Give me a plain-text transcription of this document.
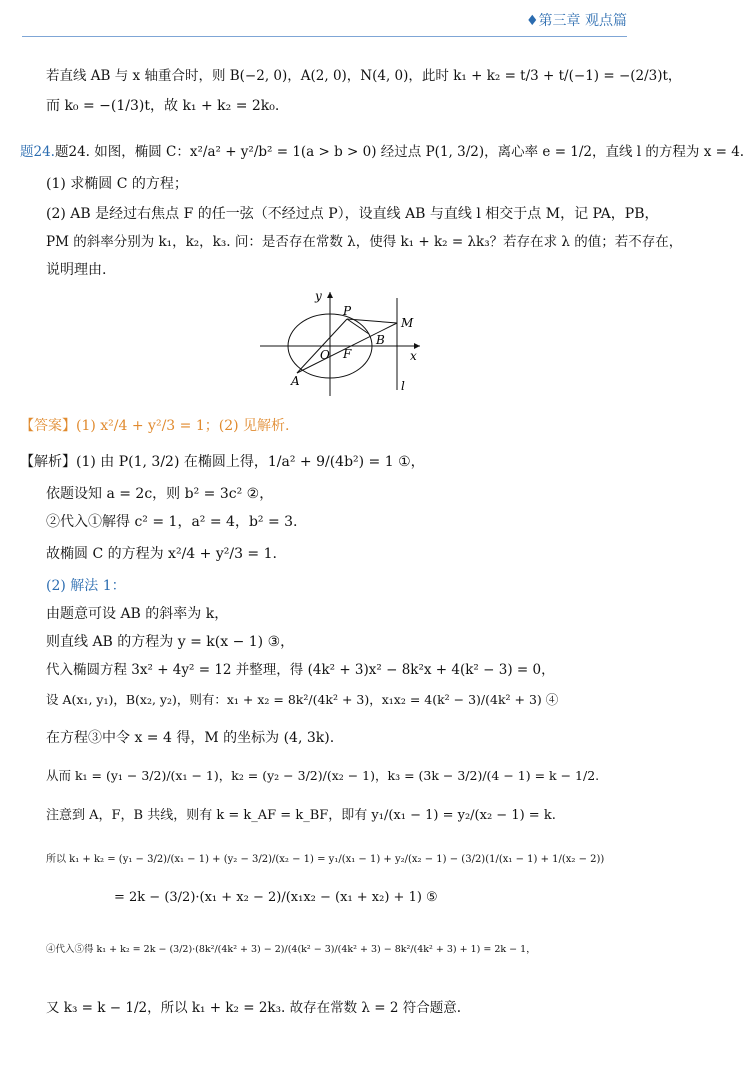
♦第三章 观点篇
若直线 AB 与 x 轴重合时，则 B(−2, 0)，A(2, 0)，N(4, 0)，此时 k₁ + k₂ = t/3 + t/(−1) = −(2/3)t，
而 k₀ = −(1/3)t，故 k₁ + k₂ = 2k₀.
题24.题24. 如图，椭圆 C：x²/a² + y²/b² = 1(a > b > 0) 经过点 P(1, 3/2)，离心率 e = 1/2，直线 l 的方程为 x = 4.
(1) 求椭圆 C 的方程；
(2) AB 是经过右焦点 F 的任一弦（不经过点 P），设直线 AB 与直线 l 相交于点 M，记 PA，PB，
PM 的斜率分别为 k₁，k₂，k₃. 问：是否存在常数 λ，使得 k₁ + k₂ = λk₃？若存在求 λ 的值；若不存在，
说明理由.
y
x
P
M
B
O F
A	l
【答案】(1) x²/4 + y²/3 = 1；(2) 见解析.
【解析】(1) 由 P(1, 3/2) 在椭圆上得，1/a² + 9/(4b²) = 1 ①，
依题设知 a = 2c，则 b² = 3c² ②，
②代入①解得 c² = 1，a² = 4，b² = 3.
故椭圆 C 的方程为 x²/4 + y²/3 = 1.
(2) 解法 1：
由题意可设 AB 的斜率为 k，
则直线 AB 的方程为 y = k(x − 1) ③，
代入椭圆方程 3x² + 4y² = 12 并整理，得 (4k² + 3)x² − 8k²x + 4(k² − 3) = 0，
设 A(x₁, y₁)，B(x₂, y₂)，则有：x₁ + x₂ = 8k²/(4k² + 3)，x₁x₂ = 4(k² − 3)/(4k² + 3) ④
在方程③中令 x = 4 得，M 的坐标为 (4, 3k).
从而 k₁ = (y₁ − 3/2)/(x₁ − 1)，k₂ = (y₂ − 3/2)/(x₂ − 1)，k₃ = (3k − 3/2)/(4 − 1) = k − 1/2.
注意到 A，F，B 共线，则有 k = k_AF = k_BF，即有 y₁/(x₁ − 1) = y₂/(x₂ − 1) = k.
所以 k₁ + k₂ = (y₁ − 3/2)/(x₁ − 1) + (y₂ − 3/2)/(x₂ − 1) = y₁/(x₁ − 1) + y₂/(x₂ − 1) − (3/2)(1/(x₁ − 1) + 1/(x₂ − 2))
= 2k − (3/2)·(x₁ + x₂ − 2)/(x₁x₂ − (x₁ + x₂) + 1) ⑤
④代入⑤得 k₁ + k₂ = 2k − (3/2)·(8k²/(4k² + 3) − 2)/(4(k² − 3)/(4k² + 3) − 8k²/(4k² + 3) + 1) = 2k − 1，
又 k₃ = k − 1/2，所以 k₁ + k₂ = 2k₃. 故存在常数 λ = 2 符合题意.
